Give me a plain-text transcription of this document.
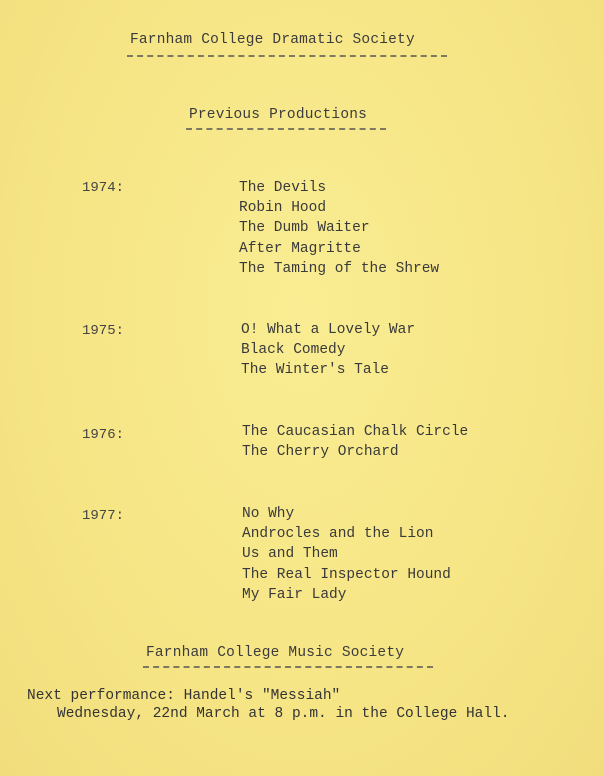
Farnham College Dramatic Society
Previous Productions
1974:	The Devils
Robin Hood
The Dumb Waiter
After Magritte
The Taming of the Shrew
1975:	O! What a Lovely War
Black Comedy
The Winter's Tale
1976:	The Caucasian Chalk Circle
The Cherry Orchard
1977:	No Why
Androcles and the Lion
Us and Them
The Real Inspector Hound
My Fair Lady
Farnham College Music Society
Next performance: Handel's "Messiah"
Wednesday, 22nd March at 8 p.m. in the College Hall.
